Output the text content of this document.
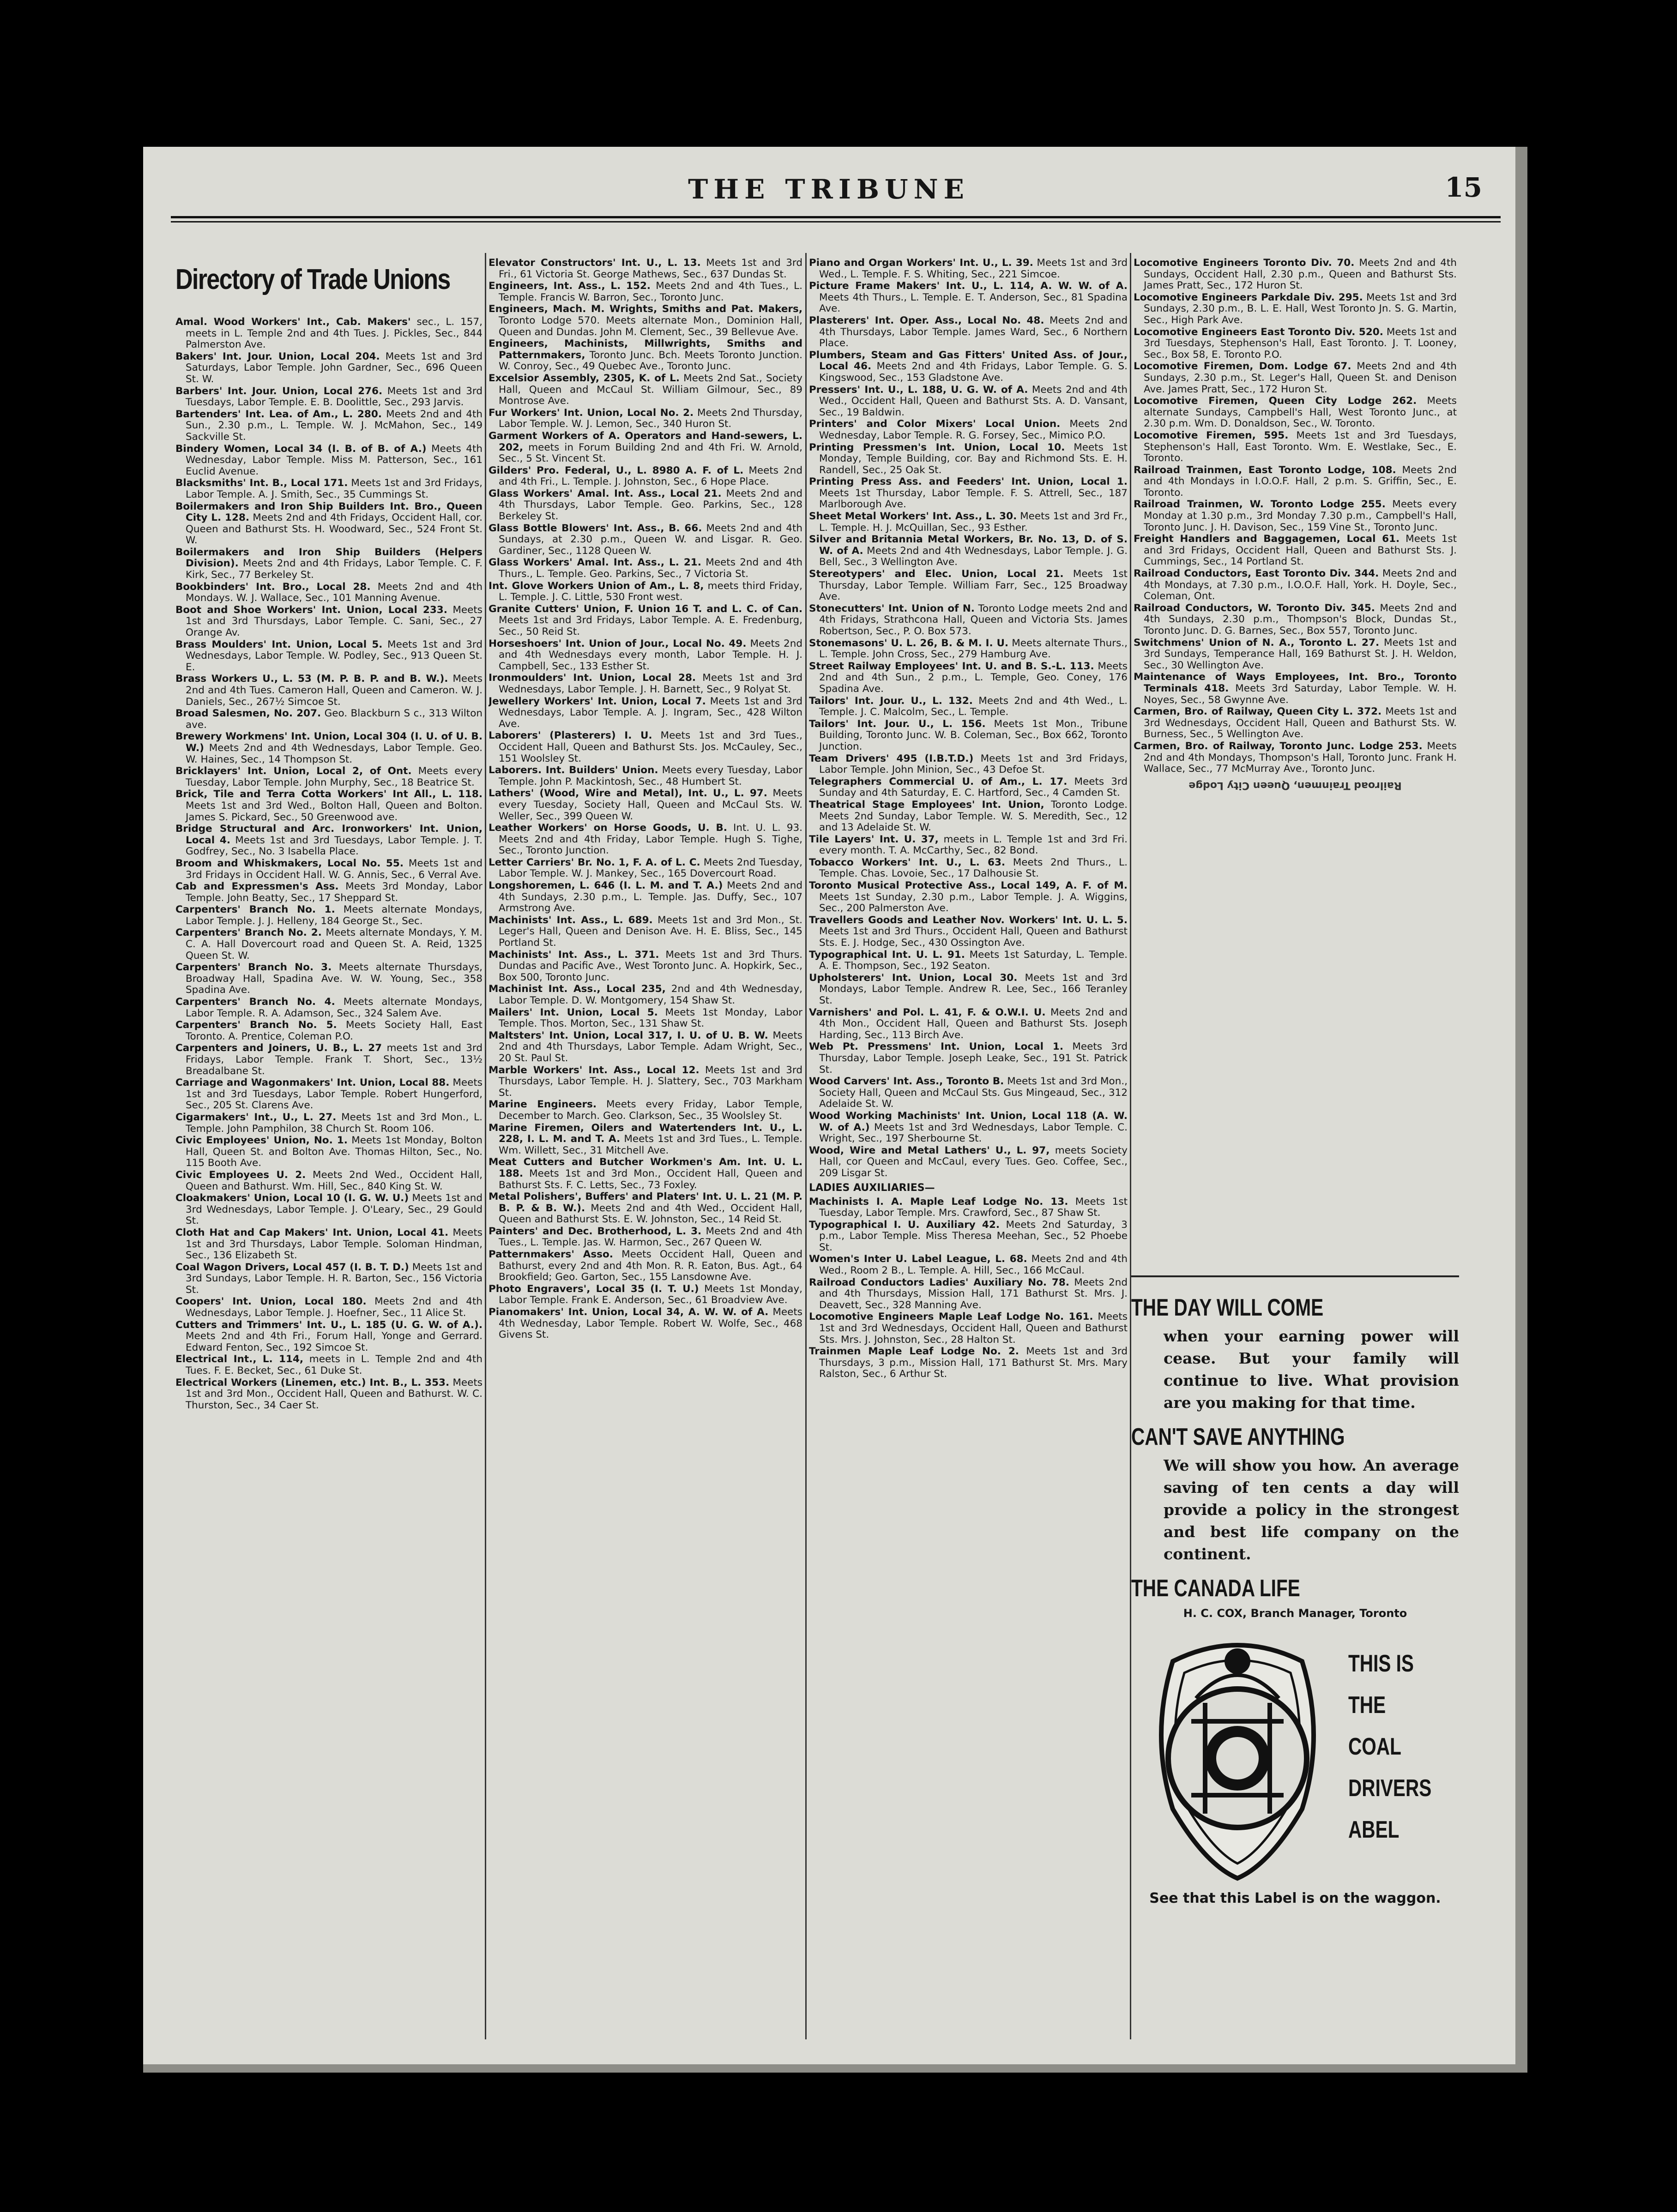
THE TRIBUNE	15
Directory of Trade Unions

Amal. Wood Workers' Int., Cab. Makers' sec., L. 157, meets in L. Temple 2nd and 4th Tues. J. Pickles, Sec., 844 Palmerston Ave.

Bakers' Int. Jour. Union, Local 204. Meets 1st and 3rd Saturdays, Labor Temple. John Gardner, Sec., 696 Queen St. W.

Barbers' Int. Jour. Union, Local 276. Meets 1st and 3rd Tuesdays, Labor Temple. E. B. Doolittle, Sec., 293 Jarvis.

Bartenders' Int. Lea. of Am., L. 280. Meets 2nd and 4th Sun., 2.30 p.m., L. Temple. W. J. McMahon, Sec., 149 Sackville St.

Bindery Women, Local 34 (I. B. of B. of A.) Meets 4th Wednesday, Labor Temple. Miss M. Patterson, Sec., 161 Euclid Avenue.

Blacksmiths' Int. B., Local 171. Meets 1st and 3rd Fridays, Labor Temple. A. J. Smith, Sec., 35 Cummings St.

Boilermakers and Iron Ship Builders Int. Bro., Queen City L. 128. Meets 2nd and 4th Fridays, Occident Hall, cor. Queen and Bathurst Sts. H. Woodward, Sec., 524 Front St. W.

Boilermakers and Iron Ship Builders (Helpers Division). Meets 2nd and 4th Fridays, Labor Temple. C. F. Kirk, Sec., 77 Berkeley St.

Bookbinders' Int. Bro., Local 28. Meets 2nd and 4th Mondays. W. J. Wallace, Sec., 101 Manning Avenue.

Boot and Shoe Workers' Int. Union, Local 233. Meets 1st and 3rd Thursdays, Labor Temple. C. Sani, Sec., 27 Orange Av.

Brass Moulders' Int. Union, Local 5. Meets 1st and 3rd Wednesdays, Labor Temple. W. Podley, Sec., 913 Queen St. E.

Brass Workers U., L. 53 (M. P. B. P. and B. W.). Meets 2nd and 4th Tues. Cameron Hall, Queen and Cameron. W. J. Daniels, Sec., 267½ Simcoe St.

Broad Salesmen, No. 207. Geo. Blackburn S c., 313 Wilton ave.

Brewery Workmens' Int. Union, Local 304 (I. U. of U. B. W.) Meets 2nd and 4th Wednesdays, Labor Temple. Geo. W. Haines, Sec., 14 Thompson St.

Bricklayers' Int. Union, Local 2, of Ont. Meets every Tuesday, Labor Temple. John Murphy, Sec., 18 Beatrice St.

Brick, Tile and Terra Cotta Workers' Int All., L. 118. Meets 1st and 3rd Wed., Bolton Hall, Queen and Bolton. James S. Pickard, Sec., 50 Greenwood ave.

Bridge Structural and Arc. Ironworkers' Int. Union, Local 4. Meets 1st and 3rd Tuesdays, Labor Temple. J. T. Godfrey, Sec., No. 3 Isabella Place.

Broom and Whiskmakers, Local No. 55. Meets 1st and 3rd Fridays in Occident Hall. W. G. Annis, Sec., 6 Verral Ave.

Cab and Expressmen's Ass. Meets 3rd Monday, Labor Temple. John Beatty, Sec., 17 Sheppard St.

Carpenters' Branch No. 1. Meets alternate Mondays, Labor Temple. J. J. Helleny, 184 George St., Sec.

Carpenters' Branch No. 2. Meets alternate Mondays, Y. M. C. A. Hall Dovercourt road and Queen St. A. Reid, 1325 Queen St. W.

Carpenters' Branch No. 3. Meets alternate Thursdays, Broadway Hall, Spadina Ave. W. W. Young, Sec., 358 Spadina Ave.

Carpenters' Branch No. 4. Meets alternate Mondays, Labor Temple. R. A. Adamson, Sec., 324 Salem Ave.

Carpenters' Branch No. 5. Meets Society Hall, East Toronto. A. Prentice, Coleman P.O.

Carpenters and Joiners, U. B., L. 27 meets 1st and 3rd Fridays, Labor Temple. Frank T. Short, Sec., 13½ Breadalbane St.

Carriage and Wagonmakers' Int. Union, Local 88. Meets 1st and 3rd Tuesdays, Labor Temple. Robert Hungerford, Sec., 205 St. Clarens Ave.

Cigarmakers' Int., U., L. 27. Meets 1st and 3rd Mon., L. Temple. John Pamphilon, 38 Church St. Room 106.

Civic Employees' Union, No. 1. Meets 1st Monday, Bolton Hall, Queen St. and Bolton Ave. Thomas Hilton, Sec., No. 115 Booth Ave.

Civic Employees U. 2. Meets 2nd Wed., Occident Hall, Queen and Bathurst. Wm. Hill, Sec., 840 King St. W.

Cloakmakers' Union, Local 10 (I. G. W. U.) Meets 1st and 3rd Wednesdays, Labor Temple. J. O'Leary, Sec., 29 Gould St.

Cloth Hat and Cap Makers' Int. Union, Local 41. Meets 1st and 3rd Thursdays, Labor Temple. Soloman Hindman, Sec., 136 Elizabeth St.

Coal Wagon Drivers, Local 457 (I. B. T. D.) Meets 1st and 3rd Sundays, Labor Temple. H. R. Barton, Sec., 156 Victoria St.

Coopers' Int. Union, Local 180. Meets 2nd and 4th Wednesdays, Labor Temple. J. Hoefner, Sec., 11 Alice St.

Cutters and Trimmers' Int. U., L. 185 (U. G. W. of A.). Meets 2nd and 4th Fri., Forum Hall, Yonge and Gerrard. Edward Fenton, Sec., 192 Simcoe St.

Electrical Int., L. 114, meets in L. Temple 2nd and 4th Tues. F. E. Becket, Sec., 61 Duke St.

Electrical Workers (Linemen, etc.) Int. B., L. 353. Meets 1st and 3rd Mon., Occident Hall, Queen and Bathurst. W. C. Thurston, Sec., 34 Caer St.

Elevator Constructors' Int. U., L. 13. Meets 1st and 3rd Fri., 61 Victoria St. George Mathews, Sec., 637 Dundas St.

Engineers, Int. Ass., L. 152. Meets 2nd and 4th Tues., L. Temple. Francis W. Barron, Sec., Toronto Junc.

Engineers, Mach. M. Wrights, Smiths and Pat. Makers, Toronto Lodge 570. Meets alternate Mon., Dominion Hall, Queen and Dundas. John M. Clement, Sec., 39 Bellevue Ave.

Engineers, Machinists, Millwrights, Smiths and Patternmakers, Toronto Junc. Bch. Meets Toronto Junction. W. Conroy, Sec., 49 Quebec Ave., Toronto Junc.

Excelsior Assembly, 2305, K. of L. Meets 2nd Sat., Society Hall, Queen and McCaul St. William Gilmour, Sec., 89 Montrose Ave.

Fur Workers' Int. Union, Local No. 2. Meets 2nd Thursday, Labor Temple. W. J. Lemon, Sec., 340 Huron St.

Garment Workers of A. Operators and Hand-sewers, L. 202, meets in Forum Building 2nd and 4th Fri. W. Arnold, Sec., 5 St. Vincent St.

Gilders' Pro. Federal, U., L. 8980 A. F. of L. Meets 2nd and 4th Fri., L. Temple. J. Johnston, Sec., 6 Hope Place.

Glass Workers' Amal. Int. Ass., Local 21. Meets 2nd and 4th Thursdays, Labor Temple. Geo. Parkins, Sec., 128 Berkeley St.

Glass Bottle Blowers' Int. Ass., B. 66. Meets 2nd and 4th Sundays, at 2.30 p.m., Queen W. and Lisgar. R. Geo. Gardiner, Sec., 1128 Queen W.

Glass Workers' Amal. Int. Ass., L. 21. Meets 2nd and 4th Thurs., L. Temple. Geo. Parkins, Sec., 7 Victoria St.

Int. Glove Workers Union of Am., L. 8, meets third Friday, L. Temple. J. C. Little, 530 Front west.

Granite Cutters' Union, F. Union 16 T. and L. C. of Can. Meets 1st and 3rd Fridays, Labor Temple. A. E. Fredenburg, Sec., 50 Reid St.

Horseshoers' Int. Union of Jour., Local No. 49. Meets 2nd and 4th Wednesdays every month, Labor Temple. H. J. Campbell, Sec., 133 Esther St.

Ironmoulders' Int. Union, Local 28. Meets 1st and 3rd Wednesdays, Labor Temple. J. H. Barnett, Sec., 9 Rolyat St.

Jewellery Workers' Int. Union, Local 7. Meets 1st and 3rd Wednesdays, Labor Temple. A. J. Ingram, Sec., 428 Wilton Ave.

Laborers' (Plasterers) I. U. Meets 1st and 3rd Tues., Occident Hall, Queen and Bathurst Sts. Jos. McCauley, Sec., 151 Woolsley St.

Laborers. Int. Builders' Union. Meets every Tuesday, Labor Temple. John P. Mackintosh, Sec., 48 Humbert St.

Lathers' (Wood, Wire and Metal), Int. U., L. 97. Meets every Tuesday, Society Hall, Queen and McCaul Sts. W. Weller, Sec., 399 Queen W.

Leather Workers' on Horse Goods, U. B. Int. U. L. 93. Meets 2nd and 4th Friday, Labor Temple. Hugh S. Tighe, Sec., Toronto Junction.

Letter Carriers' Br. No. 1, F. A. of L. C. Meets 2nd Tuesday, Labor Temple. W. J. Mankey, Sec., 165 Dovercourt Road.

Longshoremen, L. 646 (I. L. M. and T. A.) Meets 2nd and 4th Sundays, 2.30 p.m., L. Temple. Jas. Duffy, Sec., 107 Armstrong Ave.

Machinists' Int. Ass., L. 689. Meets 1st and 3rd Mon., St. Leger's Hall, Queen and Denison Ave. H. E. Bliss, Sec., 145 Portland St.

Machinists' Int. Ass., L. 371. Meets 1st and 3rd Thurs. Dundas and Pacific Ave., West Toronto Junc. A. Hopkirk, Sec., Box 500, Toronto Junc.

Machinist Int. Ass., Local 235, 2nd and 4th Wednesday, Labor Temple. D. W. Montgomery, 154 Shaw St.

Mailers' Int. Union, Local 5. Meets 1st Monday, Labor Temple. Thos. Morton, Sec., 131 Shaw St.

Maltsters' Int. Union, Local 317, I. U. of U. B. W. Meets 2nd and 4th Thursdays, Labor Temple. Adam Wright, Sec., 20 St. Paul St.

Marble Workers' Int. Ass., Local 12. Meets 1st and 3rd Thursdays, Labor Temple. H. J. Slattery, Sec., 703 Markham St.

Marine Engineers. Meets every Friday, Labor Temple, December to March. Geo. Clarkson, Sec., 35 Woolsley St.

Marine Firemen, Oilers and Watertenders Int. U., L. 228, I. L. M. and T. A. Meets 1st and 3rd Tues., L. Temple. Wm. Willett, Sec., 31 Mitchell Ave.

Meat Cutters and Butcher Workmen's Am. Int. U. L. 188. Meets 1st and 3rd Mon., Occident Hall, Queen and Bathurst Sts. F. C. Letts, Sec., 73 Foxley.

Metal Polishers', Buffers' and Platers' Int. U. L. 21 (M. P. B. P. & B. W.). Meets 2nd and 4th Wed., Occident Hall, Queen and Bathurst Sts. E. W. Johnston, Sec., 14 Reid St.

Painters' and Dec. Brotherhood, L. 3. Meets 2nd and 4th Tues., L. Temple. Jas. W. Harmon, Sec., 267 Queen W.

Patternmakers' Asso. Meets Occident Hall, Queen and Bathurst, every 2nd and 4th Mon. R. R. Eaton, Bus. Agt., 64 Brookfield; Geo. Garton, Sec., 155 Lansdowne Ave.

Photo Engravers', Local 35 (I. T. U.) Meets 1st Monday, Labor Temple. Frank E. Anderson, Sec., 61 Broadview Ave.

Pianomakers' Int. Union, Local 34, A. W. W. of A. Meets 4th Wednesday, Labor Temple. Robert W. Wolfe, Sec., 468 Givens St.

Piano and Organ Workers' Int. U., L. 39. Meets 1st and 3rd Wed., L. Temple. F. S. Whiting, Sec., 221 Simcoe.

Picture Frame Makers' Int. U., L. 114, A. W. W. of A. Meets 4th Thurs., L. Temple. E. T. Anderson, Sec., 81 Spadina Ave.

Plasterers' Int. Oper. Ass., Local No. 48. Meets 2nd and 4th Thursdays, Labor Temple. James Ward, Sec., 6 Northern Place.

Plumbers, Steam and Gas Fitters' United Ass. of Jour., Local 46. Meets 2nd and 4th Fridays, Labor Temple. G. S. Kingswood, Sec., 153 Gladstone Ave.

Pressers' Int. U., L. 188, U. G. W. of A. Meets 2nd and 4th Wed., Occident Hall, Queen and Bathurst Sts. A. D. Vansant, Sec., 19 Baldwin.

Printers' and Color Mixers' Local Union. Meets 2nd Wednesday, Labor Temple. R. G. Forsey, Sec., Mimico P.O.

Printing Pressmen's Int. Union, Local 10. Meets 1st Monday, Temple Building, cor. Bay and Richmond Sts. E. H. Randell, Sec., 25 Oak St.

Printing Press Ass. and Feeders' Int. Union, Local 1. Meets 1st Thursday, Labor Temple. F. S. Attrell, Sec., 187 Marlborough Ave.

Sheet Metal Workers' Int. Ass., L. 30. Meets 1st and 3rd Fr., L. Temple. H. J. McQuillan, Sec., 93 Esther.

Silver and Britannia Metal Workers, Br. No. 13, D. of S. W. of A. Meets 2nd and 4th Wednesdays, Labor Temple. J. G. Bell, Sec., 3 Wellington Ave.

Stereotypers' and Elec. Union, Local 21. Meets 1st Thursday, Labor Temple. William Farr, Sec., 125 Broadway Ave.

Stonecutters' Int. Union of N. Toronto Lodge meets 2nd and 4th Fridays, Strathcona Hall, Queen and Victoria Sts. James Robertson, Sec., P. O. Box 573.

Stonemasons' U. L. 26, B. & M. I. U. Meets alternate Thurs., L. Temple. John Cross, Sec., 279 Hamburg Ave.

Street Railway Employees' Int. U. and B. S.-L. 113. Meets 2nd and 4th Sun., 2 p.m., L. Temple, Geo. Coney, 176 Spadina Ave.

Tailors' Int. Jour. U., L. 132. Meets 2nd and 4th Wed., L. Temple. J. C. Malcolm, Sec., L. Temple.

Tailors' Int. Jour. U., L. 156. Meets 1st Mon., Tribune Building, Toronto Junc. W. B. Coleman, Sec., Box 662, Toronto Junction.

Team Drivers' 495 (I.B.T.D.) Meets 1st and 3rd Fridays, Labor Temple. John Minion, Sec., 43 Defoe St.

Telegraphers Commercial U. of Am., L. 17. Meets 3rd Sunday and 4th Saturday, E. C. Hartford, Sec., 4 Camden St.

Theatrical Stage Employees' Int. Union, Toronto Lodge. Meets 2nd Sunday, Labor Temple. W. S. Meredith, Sec., 12 and 13 Adelaide St. W.

Tile Layers' Int. U. 37, meets in L. Temple 1st and 3rd Fri. every month. T. A. McCarthy, Sec., 82 Bond.

Tobacco Workers' Int. U., L. 63. Meets 2nd Thurs., L. Temple. Chas. Lovoie, Sec., 17 Dalhousie St.

Toronto Musical Protective Ass., Local 149, A. F. of M. Meets 1st Sunday, 2.30 p.m., Labor Temple. J. A. Wiggins, Sec., 200 Palmerston Ave.

Travellers Goods and Leather Nov. Workers' Int. U. L. 5. Meets 1st and 3rd Thurs., Occident Hall, Queen and Bathurst Sts. E. J. Hodge, Sec., 430 Ossington Ave.

Typographical Int. U. L. 91. Meets 1st Saturday, L. Temple. A. E. Thompson, Sec., 192 Seaton.

Upholsterers' Int. Union, Local 30. Meets 1st and 3rd Mondays, Labor Temple. Andrew R. Lee, Sec., 166 Teranley St.

Varnishers' and Pol. L. 41, F. & O.W.I. U. Meets 2nd and 4th Mon., Occident Hall, Queen and Bathurst Sts. Joseph Harding, Sec., 113 Birch Ave.

Web Pt. Pressmens' Int. Union, Local 1. Meets 3rd Thursday, Labor Temple. Joseph Leake, Sec., 191 St. Patrick St.

Wood Carvers' Int. Ass., Toronto B. Meets 1st and 3rd Mon., Society Hall, Queen and McCaul Sts. Gus Mingeaud, Sec., 312 Adelaide St. W.

Wood Working Machinists' Int. Union, Local 118 (A. W. W. of A.) Meets 1st and 3rd Wednesdays, Labor Temple. C. Wright, Sec., 197 Sherbourne St.

Wood, Wire and Metal Lathers' U., L. 97, meets Society Hall, cor Queen and McCaul, every Tues. Geo. Coffee, Sec., 209 Lisgar St.

LADIES AUXILIARIES—

Machinists I. A. Maple Leaf Lodge No. 13. Meets 1st Tuesday, Labor Temple. Mrs. Crawford, Sec., 87 Shaw St.

Typographical I. U. Auxiliary 42. Meets 2nd Saturday, 3 p.m., Labor Temple. Miss Theresa Meehan, Sec., 52 Phoebe St.

Women's Inter U. Label League, L. 68. Meets 2nd and 4th Wed., Room 2 B., L. Temple. A. Hill, Sec., 166 McCaul.

Railroad Conductors Ladies' Auxiliary No. 78. Meets 2nd and 4th Thursdays, Mission Hall, 171 Bathurst St. Mrs. J. Deavett, Sec., 328 Manning Ave.

Locomotive Engineers Maple Leaf Lodge No. 161. Meets 1st and 3rd Wednesdays, Occident Hall, Queen and Bathurst Sts. Mrs. J. Johnston, Sec., 28 Halton St.

Trainmen Maple Leaf Lodge No. 2. Meets 1st and 3rd Thursdays, 3 p.m., Mission Hall, 171 Bathurst St. Mrs. Mary Ralston, Sec., 6 Arthur St.

Locomotive Engineers Toronto Div. 70. Meets 2nd and 4th Sundays, Occident Hall, 2.30 p.m., Queen and Bathurst Sts. James Pratt, Sec., 172 Huron St.

Locomotive Engineers Parkdale Div. 295. Meets 1st and 3rd Sundays, 2.30 p.m., B. L. E. Hall, West Toronto Jn. S. G. Martin, Sec., High Park Ave.

Locomotive Engineers East Toronto Div. 520. Meets 1st and 3rd Tuesdays, Stephenson's Hall, East Toronto. J. T. Looney, Sec., Box 58, E. Toronto P.O.

Locomotive Firemen, Dom. Lodge 67. Meets 2nd and 4th Sundays, 2.30 p.m., St. Leger's Hall, Queen St. and Denison Ave. James Pratt, Sec., 172 Huron St.

Locomotive Firemen, Queen City Lodge 262. Meets alternate Sundays, Campbell's Hall, West Toronto Junc., at 2.30 p.m. Wm. D. Donaldson, Sec., W. Toronto.

Locomotive Firemen, 595. Meets 1st and 3rd Tuesdays, Stephenson's Hall, East Toronto. Wm. E. Westlake, Sec., E. Toronto.

Railroad Trainmen, East Toronto Lodge, 108. Meets 2nd and 4th Mondays in I.O.O.F. Hall, 2 p.m. S. Griffin, Sec., E. Toronto.

Railroad Trainmen, W. Toronto Lodge 255. Meets every Monday at 1.30 p.m., 3rd Monday 7.30 p.m., Campbell's Hall, Toronto Junc. J. H. Davison, Sec., 159 Vine St., Toronto Junc.

Freight Handlers and Baggagemen, Local 61. Meets 1st and 3rd Fridays, Occident Hall, Queen and Bathurst Sts. J. Cummings, Sec., 14 Portland St.

Railroad Conductors, East Toronto Div. 344. Meets 2nd and 4th Mondays, at 7.30 p.m., I.O.O.F. Hall, York. H. Doyle, Sec., Coleman, Ont.

Railroad Conductors, W. Toronto Div. 345. Meets 2nd and 4th Sundays, 2.30 p.m., Thompson's Block, Dundas St., Toronto Junc. D. G. Barnes, Sec., Box 557, Toronto Junc.

Switchmens' Union of N. A., Toronto L. 27. Meets 1st and 3rd Sundays, Temperance Hall, 169 Bathurst St. J. H. Weldon, Sec., 30 Wellington Ave.

Maintenance of Ways Employees, Int. Bro., Toronto Terminals 418. Meets 3rd Saturday, Labor Temple. W. H. Noyes, Sec., 58 Gwynne Ave.

Carmen, Bro. of Railway, Queen City L. 372. Meets 1st and 3rd Wednesdays, Occident Hall, Queen and Bathurst Sts. W. Burness, Sec., 5 Wellington Ave.

Carmen, Bro. of Railway, Toronto Junc. Lodge 253. Meets 2nd and 4th Mondays, Thompson's Hall, Toronto Junc. Frank H. Wallace, Sec., 77 McMurray Ave., Toronto Junc.

Railroad Trainmen, Queen City Lodge
THE DAY WILL COME
when your earning power will cease. But your family will continue to live. What provision are you making for that time.
CAN'T SAVE ANYTHING
We will show you how. An average saving of ten cents a day will provide a policy in the strongest and best life company on the continent.
THE CANADA LIFE
H. C. COX, Branch Manager, Toronto
THIS IS
THE
COAL
DRIVERS
ABEL
See that this Label is on the waggon.
